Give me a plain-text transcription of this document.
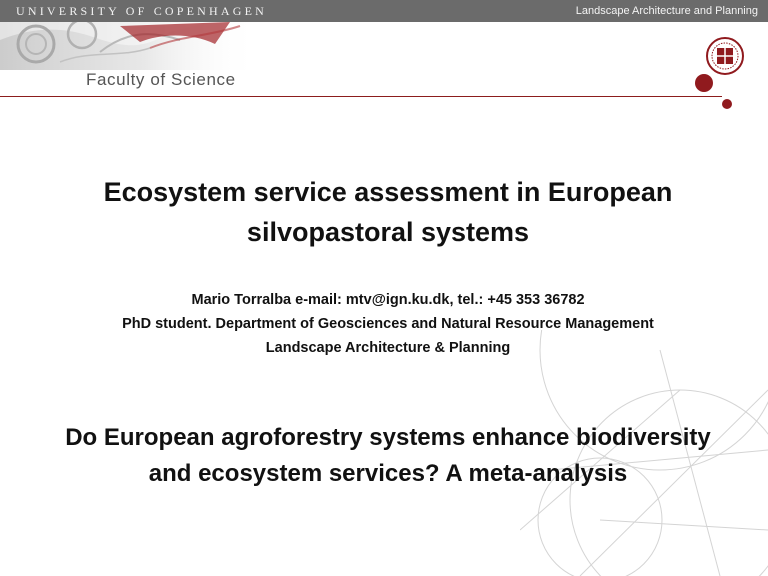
UNIVERSITY OF COPENHAGEN	Landscape Architecture and Planning
Faculty of Science
Ecosystem service assessment in European
silvopastoral systems
Mario Torralba e-mail: mtv@ign.ku.dk, tel.: +45 353 36782
PhD student. Department of Geosciences and Natural Resource Management
Landscape Architecture & Planning
Do European agroforestry systems enhance biodiversity
and ecosystem services? A meta-analysis
